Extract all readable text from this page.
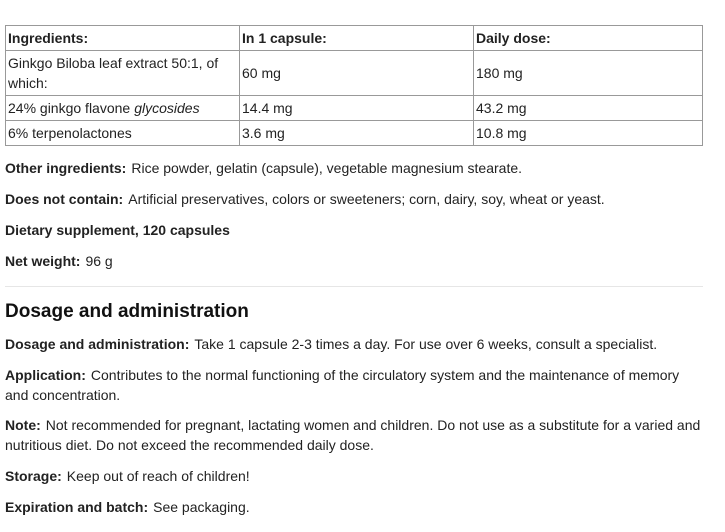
Ingredients:	In 1 capsule:	Daily dose:
Ginkgo Biloba leaf extract 50:1, of which:	60 mg	180 mg
24% ginkgo flavone glycosides	14.4 mg	43.2 mg
6% terpenolactones	3.6 mg	10.8 mg
Other ingredients: Rice powder, gelatin (capsule), vegetable magnesium stearate.
Does not contain: Artificial preservatives, colors or sweeteners; corn, dairy, soy, wheat or yeast.
Dietary supplement, 120 capsules
Net weight: 96 g
Dosage and administration
Dosage and administration: Take 1 capsule 2-3 times a day. For use over 6 weeks, consult a specialist.
Application: Contributes to the normal functioning of the circulatory system and the maintenance of memory and concentration.
Note: Not recommended for pregnant, lactating women and children. Do not use as a substitute for a varied and nutritious diet. Do not exceed the recommended daily dose.
Storage: Keep out of reach of children!
Expiration and batch: See packaging.
